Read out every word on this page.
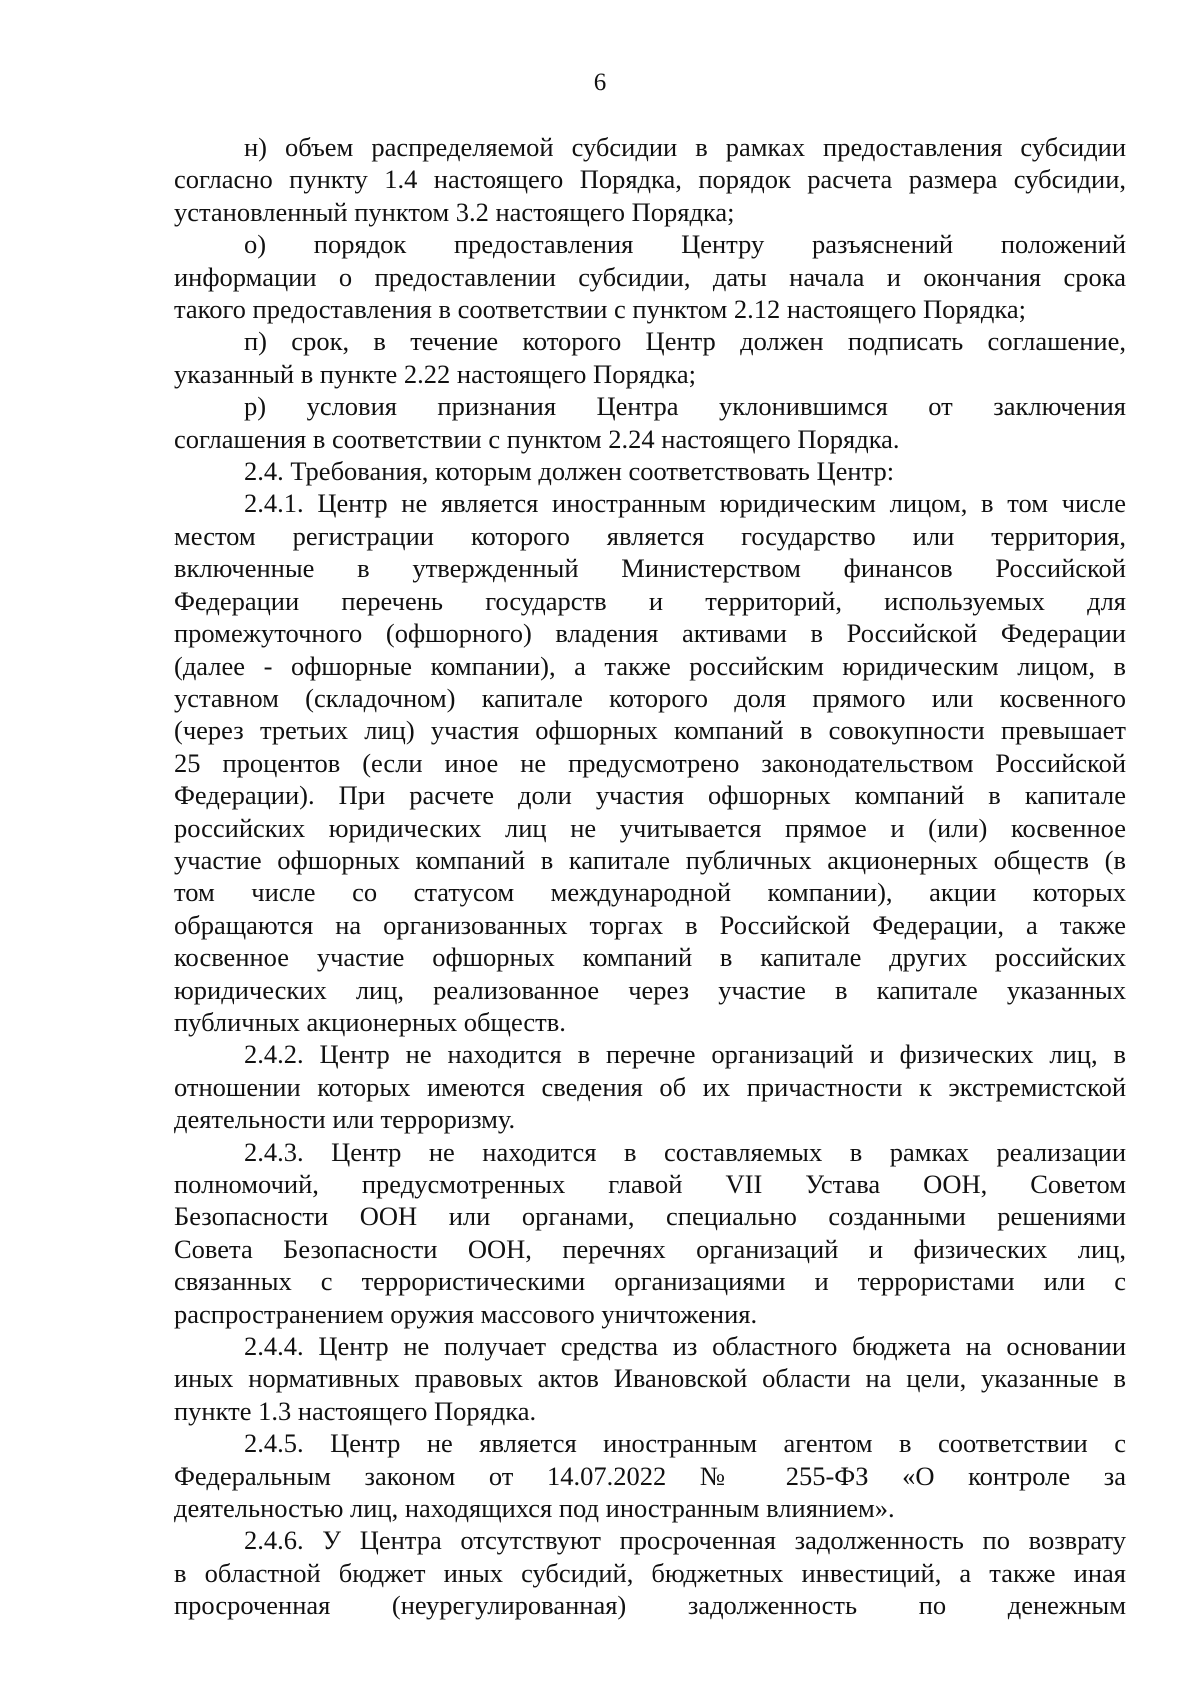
6

н) объем распределяемой субсидии в рамках предоставления субсидии
согласно пункту 1.4 настоящего Порядка, порядок расчета размера субсидии,
установленный пунктом 3.2 настоящего Порядка;

о) порядок предоставления Центру разъяснений положений
информации о предоставлении субсидии, даты начала и окончания срока
такого предоставления в соответствии с пунктом 2.12 настоящего Порядка;

п) срок, в течение которого Центр должен подписать соглашение,
указанный в пункте 2.22 настоящего Порядка;

р) условия признания Центра уклонившимся от заключения
соглашения в соответствии с пунктом 2.24 настоящего Порядка.

2.4. Требования, которым должен соответствовать Центр:

2.4.1. Центр не является иностранным юридическим лицом, в том числе
местом регистрации которого является государство или территория,
включенные в утвержденный Министерством финансов Российской
Федерации перечень государств и территорий, используемых для
промежуточного (офшорного) владения активами в Российской Федерации
(далее - офшорные компании), а также российским юридическим лицом, в
уставном (складочном) капитале которого доля прямого или косвенного
(через третьих лиц) участия офшорных компаний в совокупности превышает
25 процентов (если иное не предусмотрено законодательством Российской
Федерации). При расчете доли участия офшорных компаний в капитале
российских юридических лиц не учитывается прямое и (или) косвенное
участие офшорных компаний в капитале публичных акционерных обществ (в
том числе со статусом международной компании), акции которых
обращаются на организованных торгах в Российской Федерации, а также
косвенное участие офшорных компаний в капитале других российских
юридических лиц, реализованное через участие в капитале указанных
публичных акционерных обществ.

2.4.2. Центр не находится в перечне организаций и физических лиц, в
отношении которых имеются сведения об их причастности к экстремистской
деятельности или терроризму.

2.4.3. Центр не находится в составляемых в рамках реализации
полномочий, предусмотренных главой VII Устава ООН, Советом
Безопасности ООН или органами, специально созданными решениями
Совета Безопасности ООН, перечнях организаций и физических лиц,
связанных с террористическими организациями и террористами или с
распространением оружия массового уничтожения.

2.4.4. Центр не получает средства из областного бюджета на основании
иных нормативных правовых актов Ивановской области на цели, указанные в
пункте 1.3 настоящего Порядка.

2.4.5. Центр не является иностранным агентом в соответствии с
Федеральным законом от 14.07.2022 № 255-ФЗ «О контроле за
деятельностью лиц, находящихся под иностранным влиянием».

2.4.6. У Центра отсутствуют просроченная задолженность по возврату
в областной бюджет иных субсидий, бюджетных инвестиций, а также иная
просроченная (неурегулированная) задолженность по денежным
